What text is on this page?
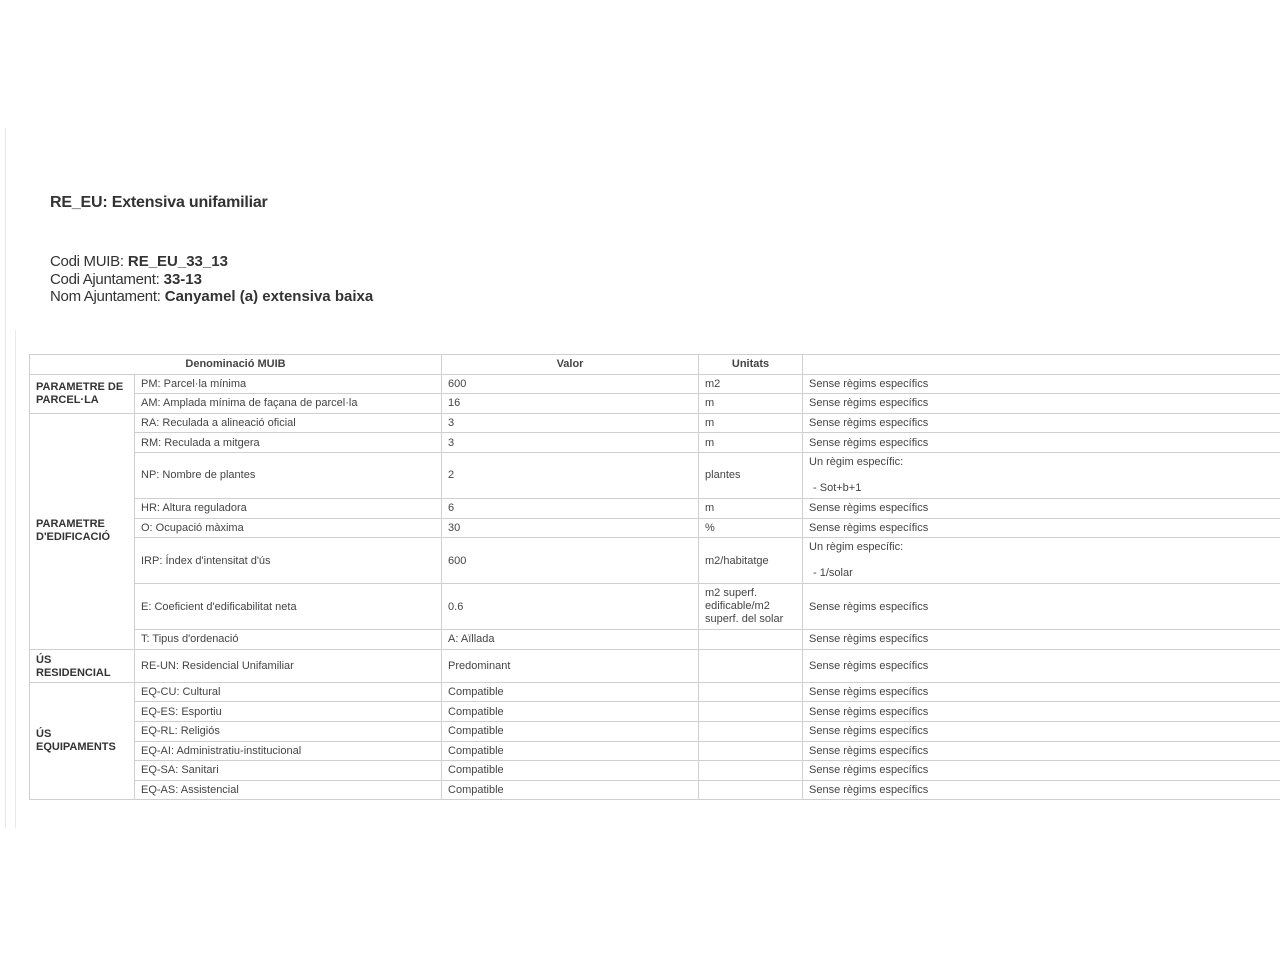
RE_EU: Extensiva unifamiliar
Codi MUIB: RE_EU_33_13
Codi Ajuntament: 33-13
Nom Ajuntament: Canyamel (a) extensiva baixa
Denominació MUIB		Valor	Unitats	
PARAMETRE DE PARCEL·LA	PM: Parcel·la mínima	600	m2	Sense règims específics
	AM: Amplada mínima de façana de parcel·la	16	m	Sense règims específics
PARAMETRE D'EDIFICACIÓ	RA: Reculada a alineació oficial	3	m	Sense règims específics
	RM: Reculada a mitgera	3	m	Sense règims específics
	NP: Nombre de plantes	2	plantes	Un règim específic:
- Sot+b+1

	HR: Altura reguladora	6	m	Sense règims específics
	O: Ocupació màxima	30	%	Sense règims específics
	IRP: Índex d'intensitat d'ús	600	m2/habitatge	Un règim específic:
- 1/solar

	E: Coeficient d'edificabilitat neta	0.6	m2 superf. edificable/m2 superf. del solar	Sense règims específics
	T: Tipus d'ordenació	A: Aïllada		Sense règims específics
ÚS RESIDENCIAL	RE-UN: Residencial Unifamiliar	Predominant		Sense règims específics
ÚS EQUIPAMENTS	EQ-CU: Cultural	Compatible		Sense règims específics
	EQ-ES: Esportiu	Compatible		Sense règims específics
	EQ-RL: Religiós	Compatible		Sense règims específics
	EQ-AI: Administratiu-institucional	Compatible		Sense règims específics
	EQ-SA: Sanitari	Compatible		Sense règims específics
	EQ-AS: Assistencial	Compatible		Sense règims específics
